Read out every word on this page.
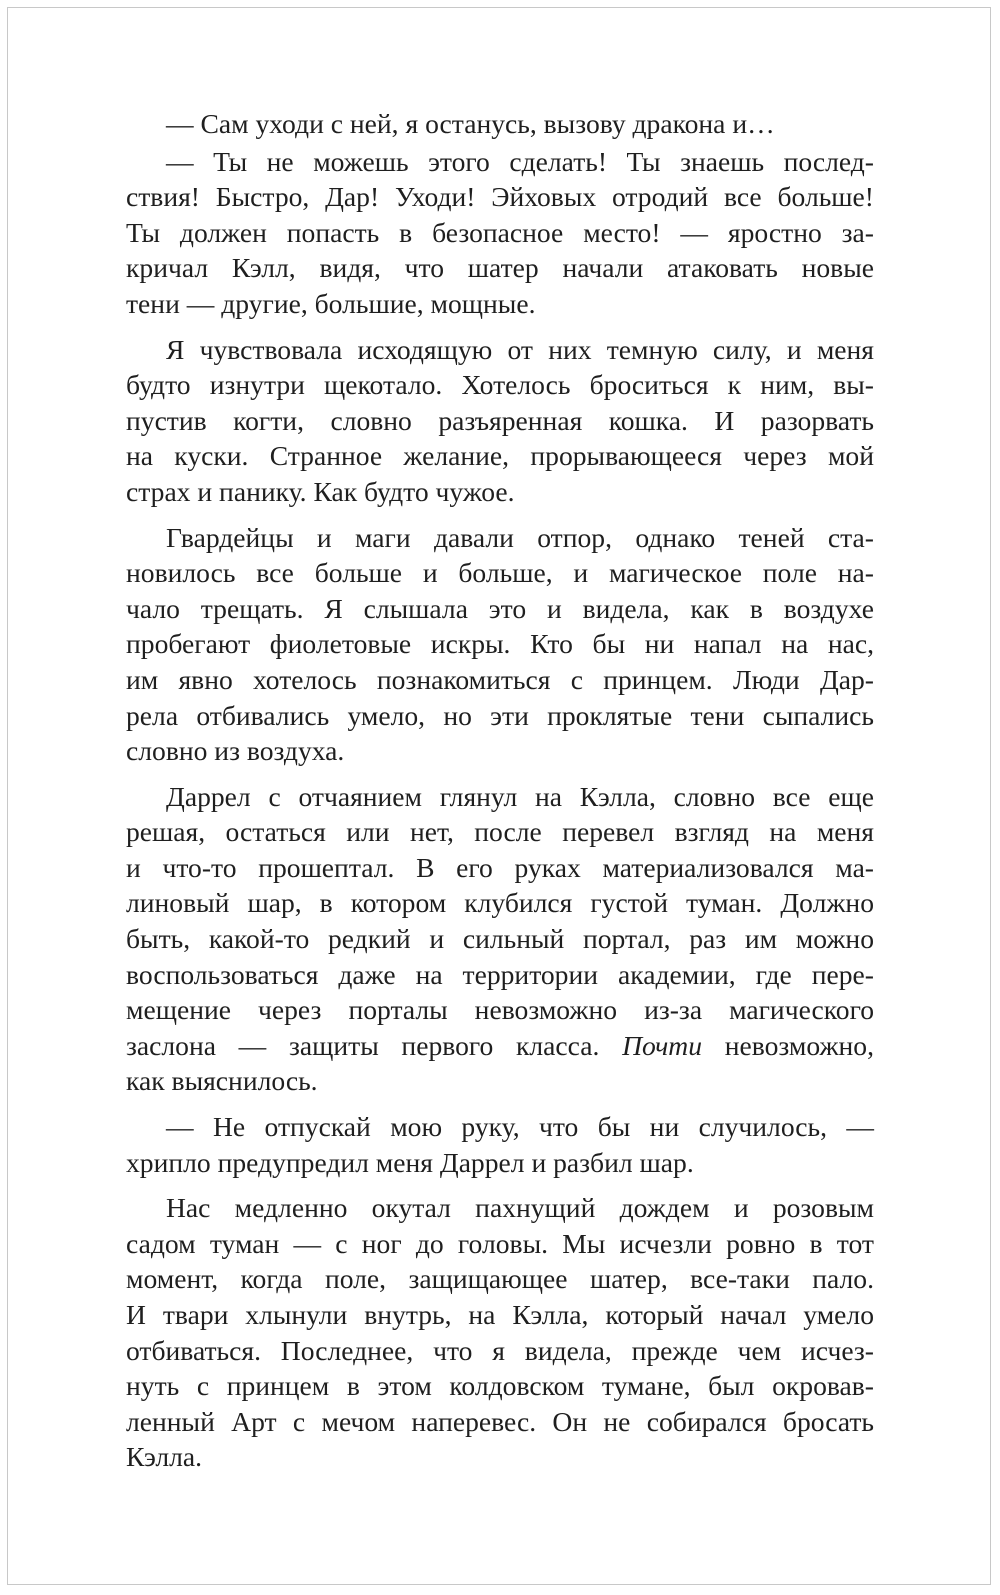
— Сам уходи с ней, я останусь, вызову дракона и…

— Ты не можешь этого сделать! Ты знаешь послед-
ствия! Быстро, Дар! Уходи! Эйховых отродий все больше!
Ты должен попасть в безопасное место! — яростно за-
кричал Кэлл, видя, что шатер начали атаковать новые
тени — другие, большие, мощные.

Я чувствовала исходящую от них темную силу, и меня
будто изнутри щекотало. Хотелось броситься к ним, вы-
пустив когти, словно разъяренная кошка. И разорвать
на куски. Странное желание, прорывающееся через мой
страх и панику. Как будто чужое.

Гвардейцы и маги давали отпор, однако теней ста-
новилось все больше и больше, и магическое поле на-
чало трещать. Я слышала это и видела, как в воздухе
пробегают фиолетовые искры. Кто бы ни напал на нас,
им явно хотелось познакомиться с принцем. Люди Дар-
рела отбивались умело, но эти проклятые тени сыпались
словно из воздуха.

Даррел с отчаянием глянул на Кэлла, словно все еще
решая, остаться или нет, после перевел взгляд на меня
и что-то прошептал. В его руках материализовался ма-
линовый шар, в котором клубился густой туман. Должно
быть, какой-то редкий и сильный портал, раз им можно
воспользоваться даже на территории академии, где пере-
мещение через порталы невозможно из-за магического
заслона — защиты первого класса. Почти невозможно,
как выяснилось.

— Не отпускай мою руку, что бы ни случилось, —
хрипло предупредил меня Даррел и разбил шар.

Нас медленно окутал пахнущий дождем и розовым
садом туман — с ног до головы. Мы исчезли ровно в тот
момент, когда поле, защищающее шатер, все-таки пало.
И твари хлынули внутрь, на Кэлла, который начал умело
отбиваться. Последнее, что я видела, прежде чем исчез-
нуть с принцем в этом колдовском тумане, был окровав-
ленный Арт с мечом наперевес. Он не собирался бросать
Кэлла.
